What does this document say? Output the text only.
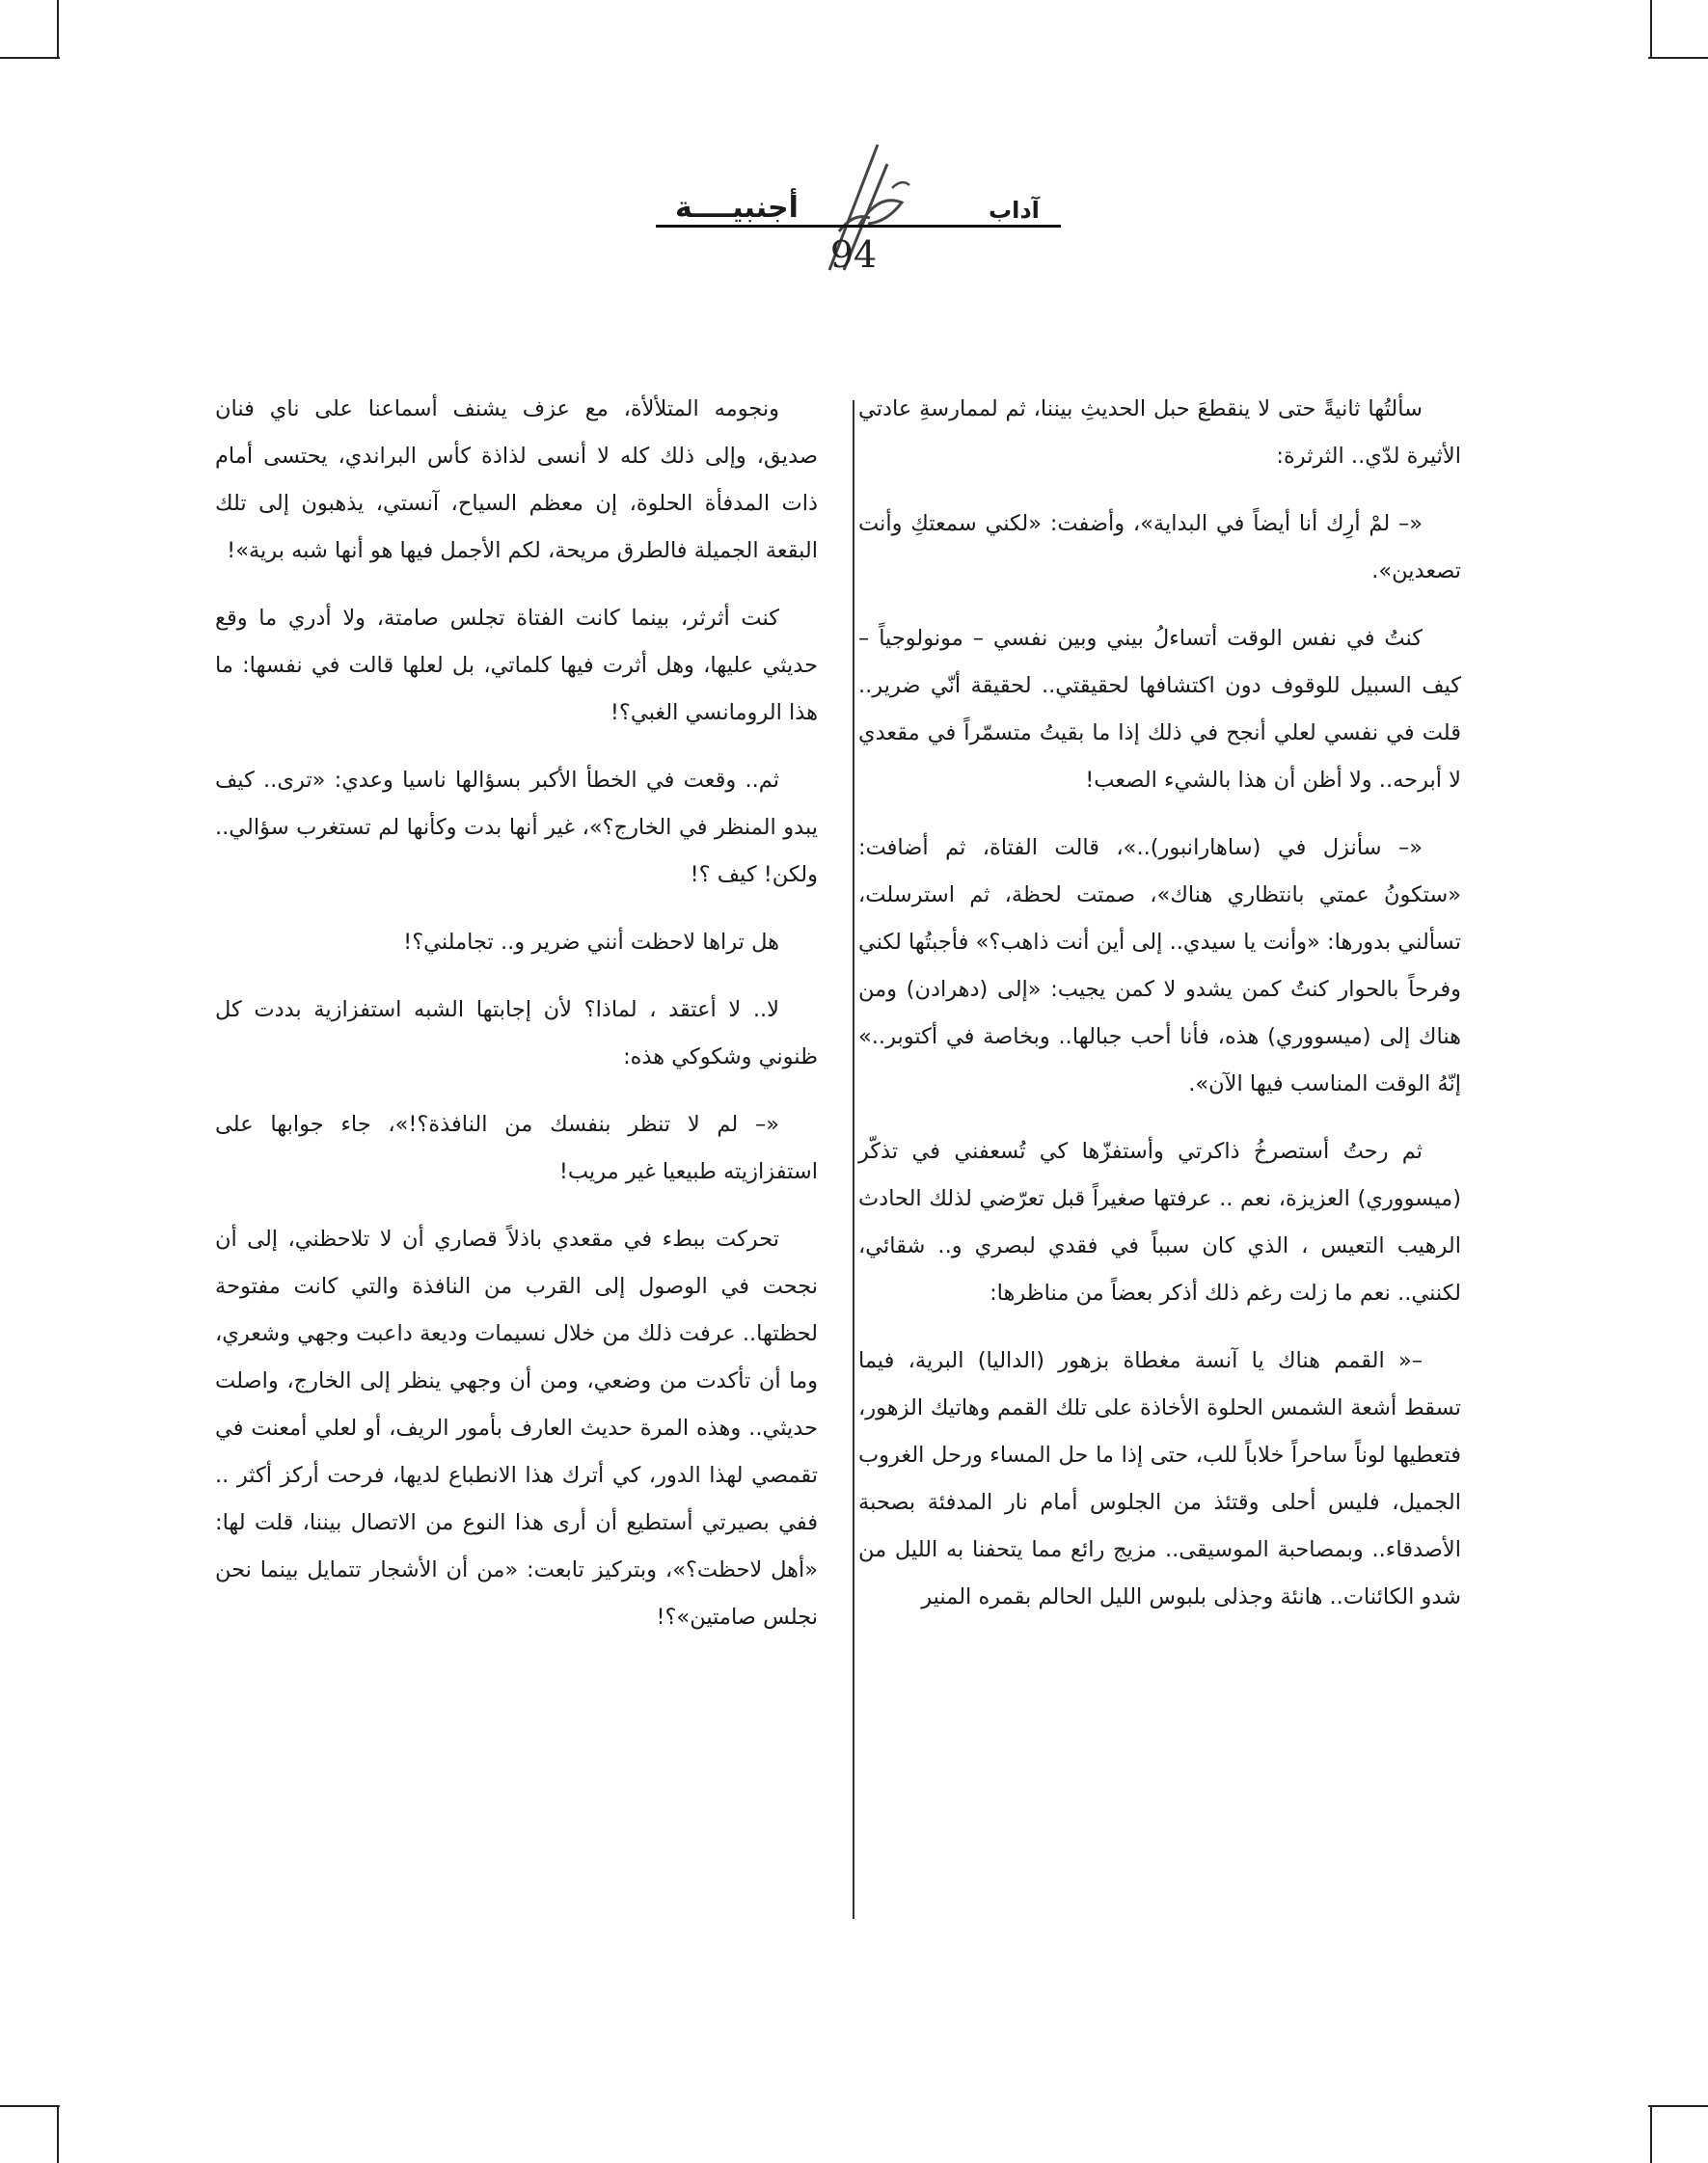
أجنبيــــة	آداب
94

سألتُها ثانيةً حتى لا ينقطعَ حبل الحديثِ بيننا، ثم لممارسةِ عادتي الأثيرة لدّي.. الثرثرة:

«– لمْ أرِك أنا أيضاً في البداية»، وأضفت: «لكني سمعتكِ وأنت تصعدين».

كنتُ في نفس الوقت أتساءلُ بيني وبين نفسي – مونولوجياً – كيف السبيل للوقوف دون اكتشافها لحقيقتي.. لحقيقة أنّي ضرير.. قلت في نفسي لعلي أنجح في ذلك إذا ما بقيتُ متسمّراً في مقعدي لا أبرحه.. ولا أظن أن هذا بالشيء الصعب!

«– سأنزل في (ساهارانبور)..»، قالت الفتاة، ثم أضافت: «ستكونُ عمتي بانتظاري هناك»، صمتت لحظة، ثم استرسلت، تسألني بدورها: «وأنت يا سيدي.. إلى أين أنت ذاهب؟» فأجبتُها لكني وفرحاً بالحوار كنتُ كمن يشدو لا كمن يجيب: «إلى (دهرادن) ومن هناك إلى (ميسووري) هذه، فأنا أحب جبالها.. وبخاصة في أكتوبر..» إنّهُ الوقت المناسب فيها الآن».

ثم رحتُ أستصرخُ ذاكرتي وأستفزّها كي تُسعفني في تذكّر (ميسووري) العزيزة، نعم .. عرفتها صغيراً قبل تعرّضي لذلك الحادث الرهيب التعيس ، الذي كان سبباً في فقدي لبصري و.. شقائي، لكنني.. نعم ما زلت رغم ذلك أذكر بعضاً من مناظرها:

–« القمم هناك يا آنسة مغطاة بزهور (الداليا) البرية، فيما تسقط أشعة الشمس الحلوة الأخاذة على تلك القمم وهاتيك الزهور، فتعطيها لوناً ساحراً خلاباً للب، حتى إذا ما حل المساء ورحل الغروب الجميل، فليس أحلى وقتئذ من الجلوس أمام نار المدفئة بصحبة الأصدقاء.. وبمصاحبة الموسيقى.. مزيج رائع مما يتحفنا به الليل من شدو الكائنات.. هانئة وجذلى بلبوس الليل الحالم بقمره المنير

ونجومه المتلألأة، مع عزف يشنف أسماعنا على ناي فنان صديق، وإلى ذلك كله لا أنسى لذاذة كأس البراندي، يحتسى أمام ذات المدفأة الحلوة، إن معظم السياح، آنستي، يذهبون إلى تلك البقعة الجميلة فالطرق مريحة، لكم الأجمل فيها هو أنها شبه برية»!

كنت أثرثر، بينما كانت الفتاة تجلس صامتة، ولا أدري ما وقع حديثي عليها، وهل أثرت فيها كلماتي، بل لعلها قالت في نفسها: ما هذا الرومانسي الغبي؟!

ثم.. وقعت في الخطأ الأكبر بسؤالها ناسيا وعدي: «ترى.. كيف يبدو المنظر في الخارج؟»، غير أنها بدت وكأنها لم تستغرب سؤالي.. ولكن! كيف ؟!

هل تراها لاحظت أنني ضرير و.. تجاملني؟!

لا.. لا أعتقد ، لماذا؟ لأن إجابتها الشبه استفزازية بددت كل ظنوني وشكوكي هذه:

«– لم لا تنظر بنفسك من النافذة؟!»، جاء جوابها على استفزازيته طبيعيا غير مريب!

تحركت ببطء في مقعدي باذلاً قصاري أن لا تلاحظني، إلى أن نجحت في الوصول إلى القرب من النافذة والتي كانت مفتوحة لحظتها.. عرفت ذلك من خلال نسيمات وديعة داعبت وجهي وشعري، وما أن تأكدت من وضعي، ومن أن وجهي ينظر إلى الخارج، واصلت حديثي.. وهذه المرة حديث العارف بأمور الريف، أو لعلي أمعنت في تقمصي لهذا الدور، كي أترك هذا الانطباع لديها، فرحت أركز أكثر .. ففي بصيرتي أستطيع أن أرى هذا النوع من الاتصال بيننا، قلت لها: «أهل لاحظت؟»، وبتركيز تابعت: «من أن الأشجار تتمايل بينما نحن نجلس صامتين»؟!
